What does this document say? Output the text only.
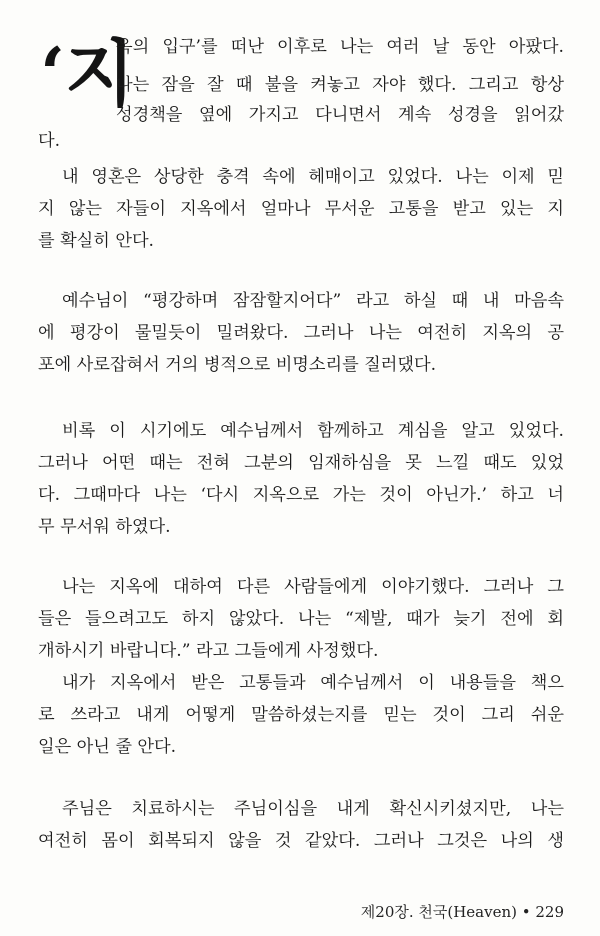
‘지
옥의 입구’를 떠난 이후로 나는 여러 날 동안 아팠다.
나는 잠을 잘 때 불을 켜놓고 자야 했다. 그리고 항상
성경책을 옆에 가지고 다니면서 계속 성경을 읽어갔
다.
내 영혼은 상당한 충격 속에 헤매이고 있었다. 나는 이제 믿
지 않는 자들이 지옥에서 얼마나 무서운 고통을 받고 있는 지
를 확실히 안다.
예수님이 “평강하며 잠잠할지어다” 라고 하실 때 내 마음속
에 평강이 물밀듯이 밀려왔다. 그러나 나는 여전히 지옥의 공
포에 사로잡혀서 거의 병적으로 비명소리를 질러댔다.
비록 이 시기에도 예수님께서 함께하고 계심을 알고 있었다.
그러나 어떤 때는 전혀 그분의 임재하심을 못 느낄 때도 있었
다. 그때마다 나는 ‘다시 지옥으로 가는 것이 아닌가.’ 하고 너
무 무서워 하였다.
나는 지옥에 대하여 다른 사람들에게 이야기했다. 그러나 그
들은 들으려고도 하지 않았다. 나는 “제발, 때가 늦기 전에 회
개하시기 바랍니다.” 라고 그들에게 사정했다.
내가 지옥에서 받은 고통들과 예수님께서 이 내용들을 책으
로 쓰라고 내게 어떻게 말씀하셨는지를 믿는 것이 그리 쉬운
일은 아닌 줄 안다.
주님은 치료하시는 주님이심을 내게 확신시키셨지만, 나는
여전히 몸이 회복되지 않을 것 같았다. 그러나 그것은 나의 생
제20장. 천국(Heaven) • 229
